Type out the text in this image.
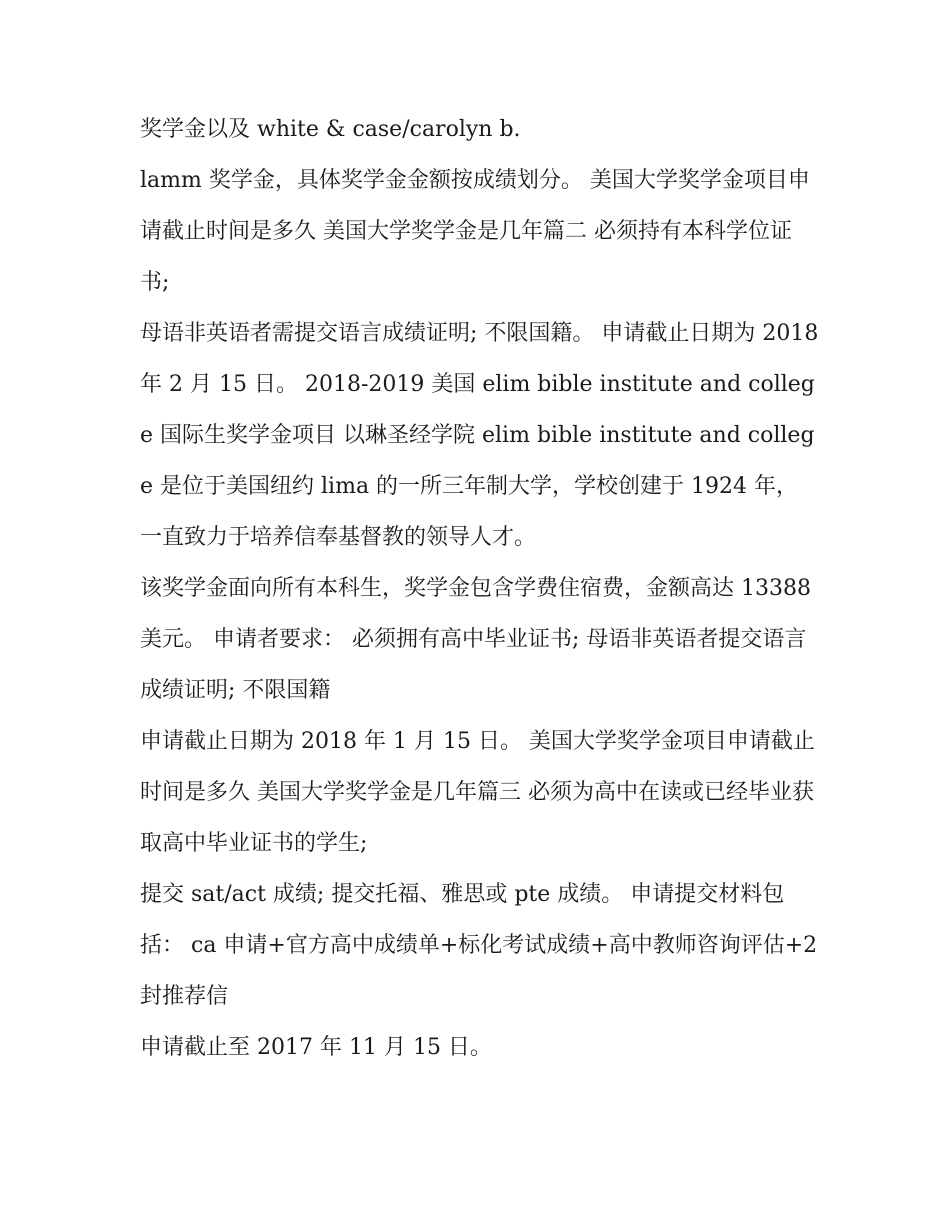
奖学金以及 white & case/carolyn b.

lamm 奖学金，具体奖学金金额按成绩划分。 美国大学奖学金项目申请截止时间是多久 美国大学奖学金是几年篇二 必须持有本科学位证书;

母语非英语者需提交语言成绩证明; 不限国籍。 申请截止日期为 2018 年 2 月 15 日。 2018-2019 美国 elim bible institute and college 国际生奖学金项目 以琳圣经学院 elim bible institute and college 是位于美国纽约 lima 的一所三年制大学，学校创建于 1924 年，一直致力于培养信奉基督教的领导人才。

该奖学金面向所有本科生，奖学金包含学费住宿费，金额高达 13388 美元。 申请者要求： 必须拥有高中毕业证书; 母语非英语者提交语言成绩证明; 不限国籍

申请截止日期为 2018 年 1 月 15 日。 美国大学奖学金项目申请截止时间是多久 美国大学奖学金是几年篇三 必须为高中在读或已经毕业获取高中毕业证书的学生;

提交 sat/act 成绩; 提交托福、雅思或 pte 成绩。 申请提交材料包括： ca 申请+官方高中成绩单+标化考试成绩+高中教师咨询评估+2 封推荐信

申请截止至 2017 年 11 月 15 日。
